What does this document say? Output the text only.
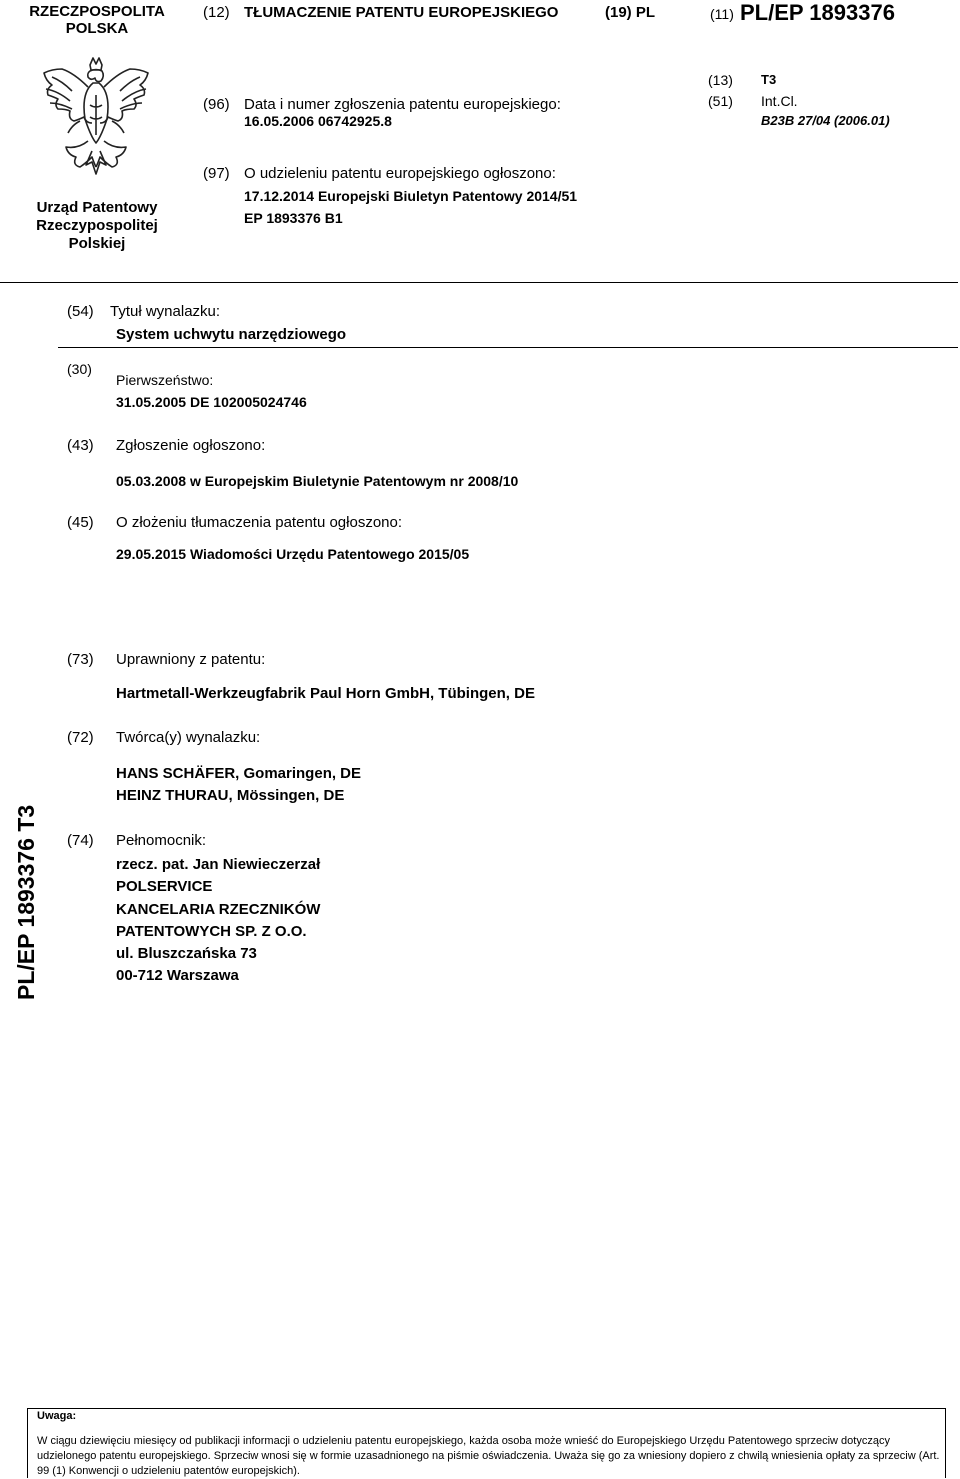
RZECZPOSPOLITA
POLSKA
(12) TŁUMACZENIE PATENTU EUROPEJSKIEGO	(19) PL	(11) PL/EP 1893376
Urząd Patentowy
Rzeczypospolitej
Polskiej
(96) Data i numer zgłoszenia patentu europejskiego:
16.05.2006 06742925.8
(13) T3
(51) Int.Cl.
B23B 27/04 (2006.01)
(97) O udzieleniu patentu europejskiego ogłoszono:
17.12.2014 Europejski Biuletyn Patentowy 2014/51
EP 1893376 B1
(54) Tytuł wynalazku:
System uchwytu narzędziowego
(30)
Pierwszeństwo:
31.05.2005 DE 102005024746
(43) Zgłoszenie ogłoszono:
05.03.2008 w Europejskim Biuletynie Patentowym nr 2008/10
(45) O złożeniu tłumaczenia patentu ogłoszono:
29.05.2015 Wiadomości Urzędu Patentowego 2015/05
(73) Uprawniony z patentu:
Hartmetall-Werkzeugfabrik Paul Horn GmbH, Tübingen, DE
(72) Twórca(y) wynalazku:
HANS SCHÄFER, Gomaringen, DE
HEINZ THURAU, Mössingen, DE
(74) Pełnomocnik:
rzecz. pat. Jan Niewieczerzał
POLSERVICE
KANCELARIA RZECZNIKÓW
PATENTOWYCH SP. Z O.O.
ul. Bluszczańska 73
00-712 Warszawa
PL/EP 1893376 T3
Uwaga:
W ciągu dziewięciu miesięcy od publikacji informacji o udzieleniu patentu europejskiego, każda osoba może wnieść do Europejskiego Urzędu Patentowego sprzeciw dotyczący udzielonego patentu europejskiego. Sprzeciw wnosi się w formie uzasadnionego na piśmie oświadczenia. Uważa się go za wniesiony dopiero z chwilą wniesienia opłaty za sprzeciw (Art. 99 (1) Konwencji o udzieleniu patentów europejskich).
